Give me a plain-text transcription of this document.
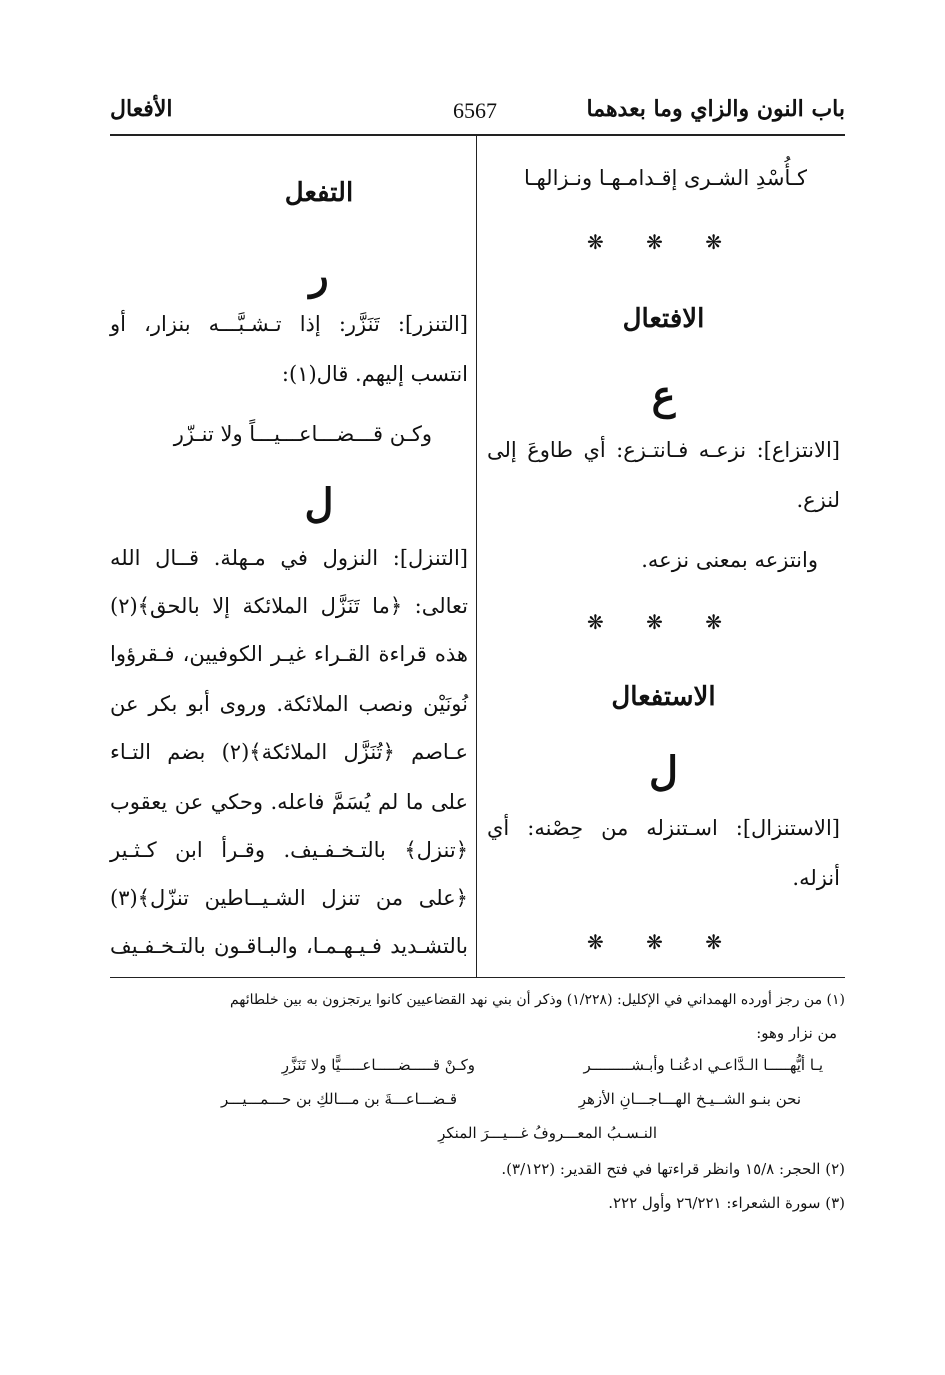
باب النون والزاي وما بعدهما
6567
الأفعال
كـأُسْدِ الشـرى إقـدامـهـا ونـزالهـا
❋ ❋ ❋
الافتعال
ع
[الانتزاع]: نزعـه فـانتـزع: أي طاوعَ إلى
لنزع.
وانتزعه بمعنى نزعه.
❋ ❋ ❋
الاستفعال
ل
[الاستنزال]: اسـتنزله من حِصْنه: أي
أنزله.
❋ ❋ ❋
التفعل
ر
[التنزر]: تَنَزَّر: إذا تـشـبَّـــه بنزار، أو
انتسب إليهم. قال(١):
وكـن قـــضـــاعـــيـــاً ولا تنـزّر
ل
[التنزل]: النزول في مـهلة. قــال الله
تعالى: ﴿ما تَنَزَّل الملائكة إلا بالحق﴾(٢)
هذه قراءة القـراء غيـر الكوفيين، فـقرؤوا
نُونَيْن ونصب الملائكة. وروى أبو بكر عن
عـاصم ﴿تُنَزَّل الملائكة﴾(٢) بضم التـاء
على ما لم يُسَمَّ فاعله. وحكي عن يعقوب
﴿تنزل﴾ بالتـخـفـيف. وقـرأ ابن كـثـير
﴿على من تنزل الشـيــاطين تنزّل﴾(٣)
بالتشـديد فـيـهـمـا، والبـاقـون بالتـخـفـيف
(١) من رجز أورده الهمداني في الإكليل: (١/٢٢٨) وذكر أن بني نهد القضاعيين كانوا يرتجزون به بين خلطائهم
من نزار وهو:
يـا أيُّهـــــا الـدَّاعـي ادعُنـا وأبـشـــــــــر
وكـنْ قـــــضـــــاعـــــيًّا ولا تَنَزَّرِ
نحن بنـو الشــيـخ الهـــاجـــانِ الأزهرِ
قـضـــاعـــةَ بن مـــالكِ بن حـــمـــيـــر
النـسـبُ المعـــروفُ غـــيـــرَ المنكرِ
(٢) الحجر: ١٥/٨ وانظر قراءتها في فتح القدير: (٣/١٢٢).
(٣) سورة الشعراء: ٢٦/٢٢١ وأول ٢٢٢.
